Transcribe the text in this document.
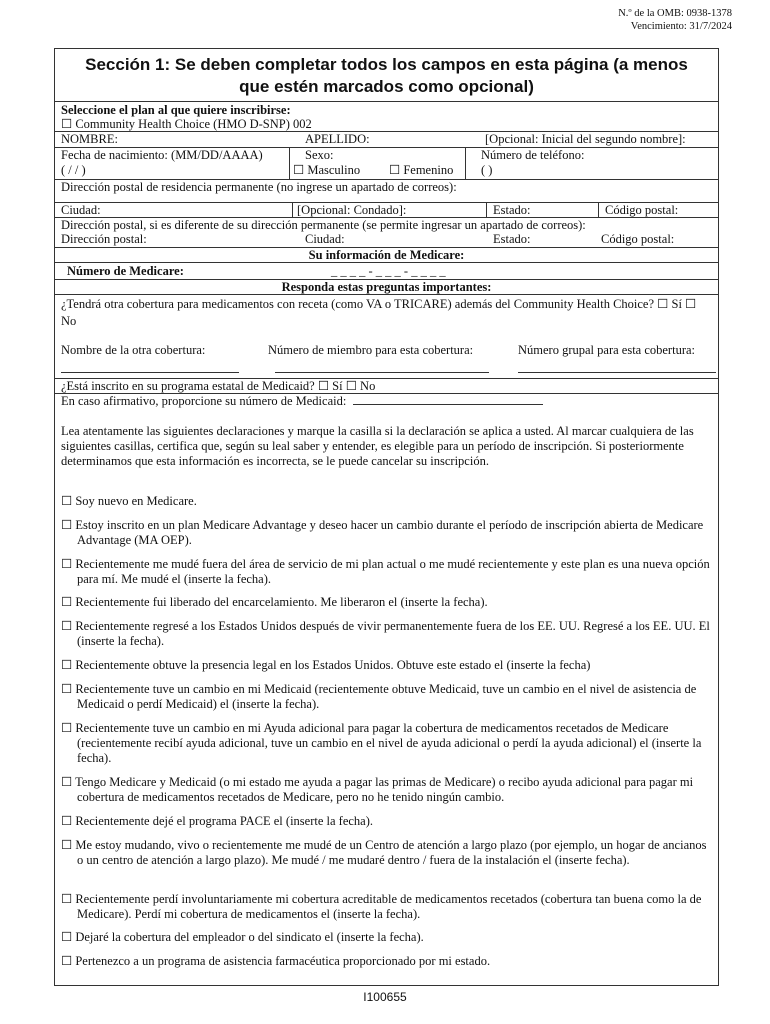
N.º de la OMB: 0938-1378
Vencimiento: 31/7/2024
Sección 1: Se deben completar todos los campos en esta página (a menos que estén marcados como opcional)
Seleccione el plan al que quiere inscribirse:
☐ Community Health Choice (HMO D-SNP) 002
NOMBRE:	APELLIDO:	[Opcional: Inicial del segundo nombre]:
Fecha de nacimiento: (MM/DD/AAAA)
( / / )
Sexo:
☐ Masculino ☐ Femenino
Número de teléfono:
( )
Dirección postal de residencia permanente (no ingrese un apartado de correos):
Ciudad:	[Opcional: Condado]:	Estado:	Código postal:
Dirección postal, si es diferente de su dirección permanente (se permite ingresar un apartado de correos):
Dirección postal:	Ciudad:	Estado:	Código postal:
Su información de Medicare:
Número de Medicare:	_ _ _ _ - _ _ _ - _ _ _ _
Responda estas preguntas importantes:
¿Tendrá otra cobertura para medicamentos con receta (como VA o TRICARE) además del Community Health Choice? ☐ Sí ☐ No
Nombre de la otra cobertura:	Número de miembro para esta cobertura:	Número grupal para esta cobertura:
¿Está inscrito en su programa estatal de Medicaid? ☐ Sí ☐ No
En caso afirmativo, proporcione su número de Medicaid:
Lea atentamente las siguientes declaraciones y marque la casilla si la declaración se aplica a usted. Al marcar cualquiera de las siguientes casillas, certifica que, según su leal saber y entender, es elegible para un período de inscripción. Si posteriormente determinamos que esta información es incorrecta, se le puede cancelar su inscripción.
☐ Soy nuevo en Medicare.
☐ Estoy inscrito en un plan Medicare Advantage y deseo hacer un cambio durante el período de inscripción abierta de Medicare Advantage (MA OEP).
☐ Recientemente me mudé fuera del área de servicio de mi plan actual o me mudé recientemente y este plan es una nueva opción para mí. Me mudé el (inserte la fecha).
☐ Recientemente fui liberado del encarcelamiento. Me liberaron el (inserte la fecha).
☐ Recientemente regresé a los Estados Unidos después de vivir permanentemente fuera de los EE. UU. Regresé a los EE. UU. El (inserte la fecha).
☐ Recientemente obtuve la presencia legal en los Estados Unidos. Obtuve este estado el (inserte la fecha)
☐ Recientemente tuve un cambio en mi Medicaid (recientemente obtuve Medicaid, tuve un cambio en el nivel de asistencia de Medicaid o perdí Medicaid) el (inserte la fecha).
☐ Recientemente tuve un cambio en mi Ayuda adicional para pagar la cobertura de medicamentos recetados de Medicare (recientemente recibí ayuda adicional, tuve un cambio en el nivel de ayuda adicional o perdí la ayuda adicional) el (inserte la fecha).
☐ Tengo Medicare y Medicaid (o mi estado me ayuda a pagar las primas de Medicare) o recibo ayuda adicional para pagar mi cobertura de medicamentos recetados de Medicare, pero no he tenido ningún cambio.
☐ Recientemente dejé el programa PACE el (inserte la fecha).
☐ Me estoy mudando, vivo o recientemente me mudé de un Centro de atención a largo plazo (por ejemplo, un hogar de ancianos o un centro de atención a largo plazo). Me mudé / me mudaré dentro / fuera de la instalación el (inserte fecha).
☐ Recientemente perdí involuntariamente mi cobertura acreditable de medicamentos recetados (cobertura tan buena como la de Medicare). Perdí mi cobertura de medicamentos el (inserte la fecha).
☐ Dejaré la cobertura del empleador o del sindicato el (inserte la fecha).
☐ Pertenezco a un programa de asistencia farmacéutica proporcionado por mi estado.
I100655
